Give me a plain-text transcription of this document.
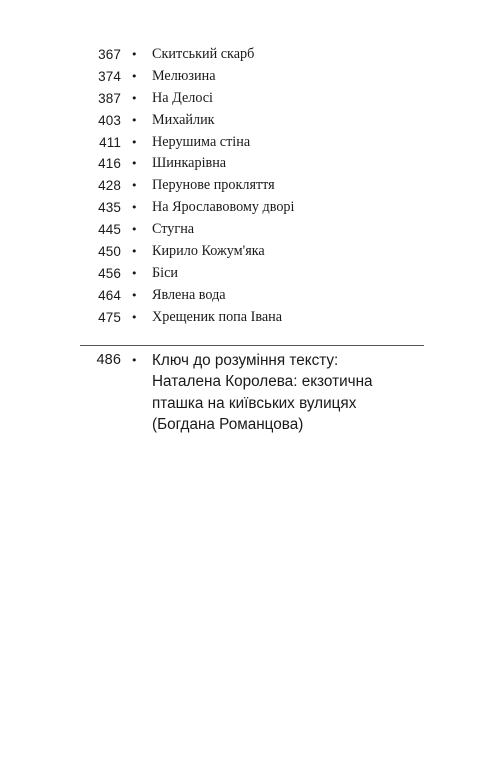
367 • Скитський скарб
374 • Мелюзина
387 • На Делосі
403 • Михайлик
411 • Нерушима стіна
416 • Шинкарівна
428 • Перунове прокляття
435 • На Ярославовому дворі
445 • Стугна
450 • Кирило Кожум'яка
456 • Біси
464 • Явлена вода
475 • Хрещеник попа Івана
486 • Ключ до розуміння тексту:
Наталена Королева: екзотична
пташка на київських вулицях
(Богдана Романцова)
